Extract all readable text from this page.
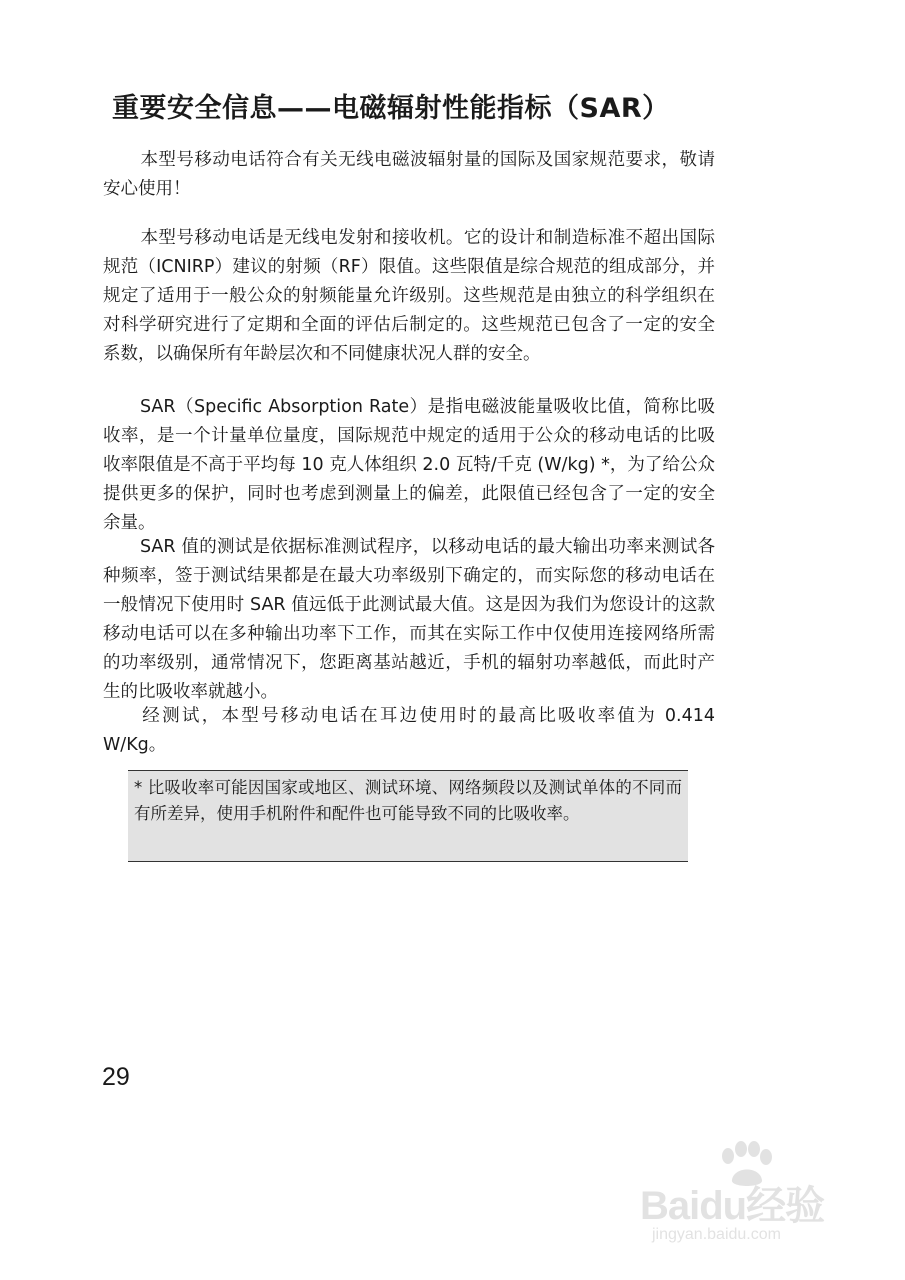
重要安全信息——电磁辐射性能指标（SAR）

本型号移动电话符合有关无线电磁波辐射量的国际及国家规范要求，敬请安心使用！

本型号移动电话是无线电发射和接收机。它的设计和制造标准不超出国际规范（ICNIRP）建议的射频（RF）限值。这些限值是综合规范的组成部分，并规定了适用于一般公众的射频能量允许级别。这些规范是由独立的科学组织在对科学研究进行了定期和全面的评估后制定的。这些规范已包含了一定的安全系数，以确保所有年龄层次和不同健康状况人群的安全。

SAR（Specific Absorption Rate）是指电磁波能量吸收比值，简称比吸收率，是一个计量单位量度，国际规范中规定的适用于公众的移动电话的比吸收率限值是不高于平均每 10 克人体组织 2.0 瓦特/千克 (W/kg) *，为了给公众提供更多的保护，同时也考虑到测量上的偏差，此限值已经包含了一定的安全余量。

SAR 值的测试是依据标准测试程序，以移动电话的最大输出功率来测试各种频率，签于测试结果都是在最大功率级别下确定的，而实际您的移动电话在一般情况下使用时 SAR 值远低于此测试最大值。这是因为我们为您设计的这款移动电话可以在多种输出功率下工作，而其在实际工作中仅使用连接网络所需的功率级别，通常情况下，您距离基站越近，手机的辐射功率越低，而此时产生的比吸收率就越小。

经测试，本型号移动电话在耳边使用时的最高比吸收率值为 0.414 W/Kg。

* 比吸收率可能因国家或地区、测试环境、网络频段以及测试单体的不同而有所差异，使用手机附件和配件也可能导致不同的比吸收率。

29
Baidu经验
jingyan.baidu.com
